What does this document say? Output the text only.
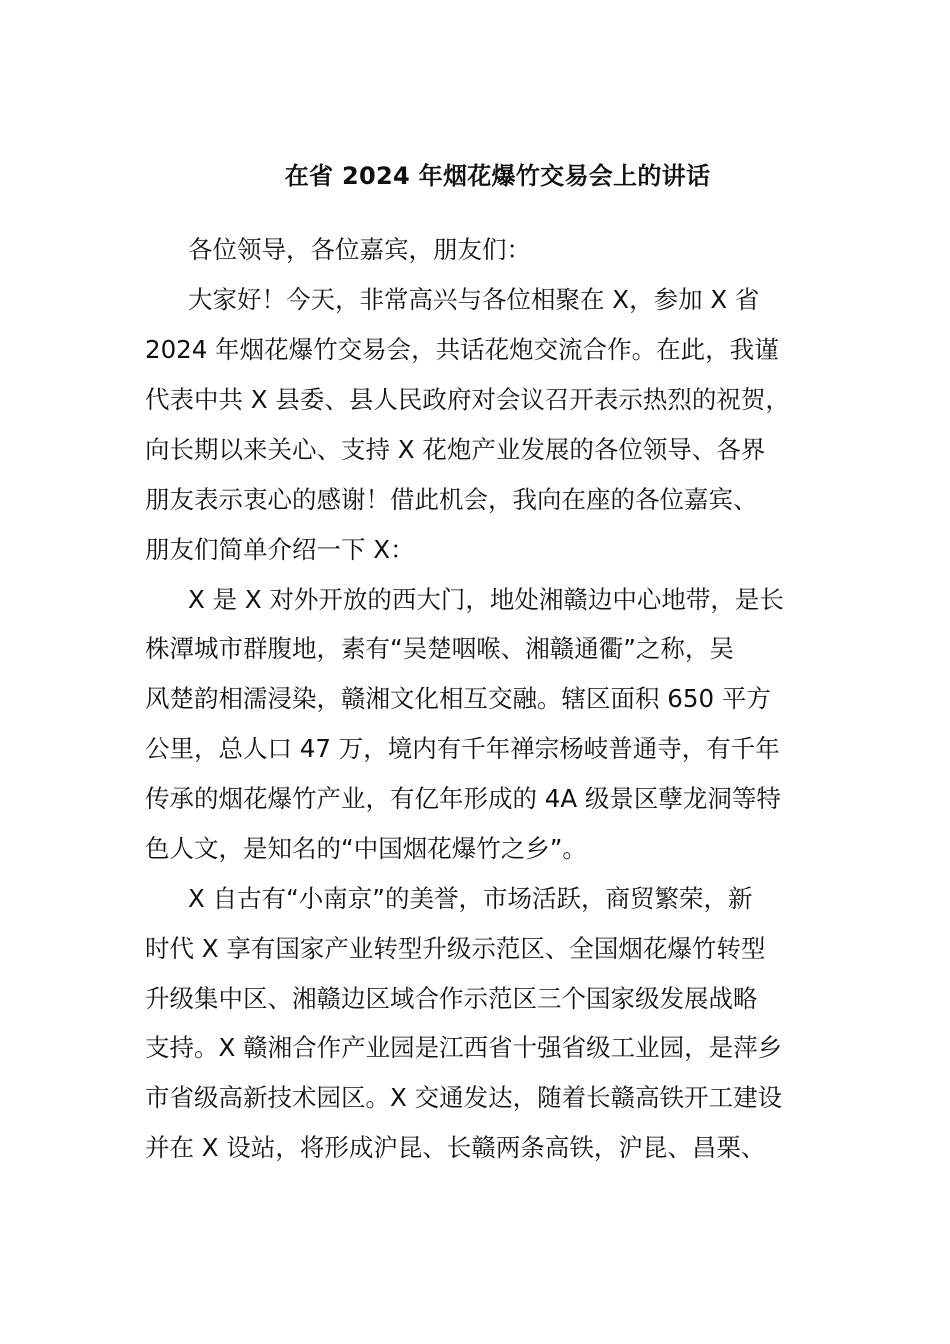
在省 2024 年烟花爆竹交易会上的讲话

各位领导，各位嘉宾，朋友们：

大家好！今天，非常高兴与各位相聚在 X，参加 X 省

2024 年烟花爆竹交易会，共话花炮交流合作。在此，我谨

代表中共 X 县委、县人民政府对会议召开表示热烈的祝贺，

向长期以来关心、支持 X 花炮产业发展的各位领导、各界

朋友表示衷心的感谢！借此机会，我向在座的各位嘉宾、

朋友们简单介绍一下 X：

X 是 X 对外开放的西大门，地处湘赣边中心地带，是长

株潭城市群腹地，素有“吴楚咽喉、湘赣通衢”之称，吴

风楚韵相濡浸染，赣湘文化相互交融。辖区面积 650 平方

公里，总人口 47 万，境内有千年禅宗杨岐普通寺，有千年

传承的烟花爆竹产业，有亿年形成的 4A 级景区孽龙洞等特

色人文，是知名的“中国烟花爆竹之乡”。

X 自古有“小南京”的美誉，市场活跃，商贸繁荣，新

时代 X 享有国家产业转型升级示范区、全国烟花爆竹转型

升级集中区、湘赣边区域合作示范区三个国家级发展战略

支持。X 赣湘合作产业园是江西省十强省级工业园，是萍乡

市省级高新技术园区。X 交通发达，随着长赣高铁开工建设

并在 X 设站，将形成沪昆、长赣两条高铁，沪昆、昌栗、
